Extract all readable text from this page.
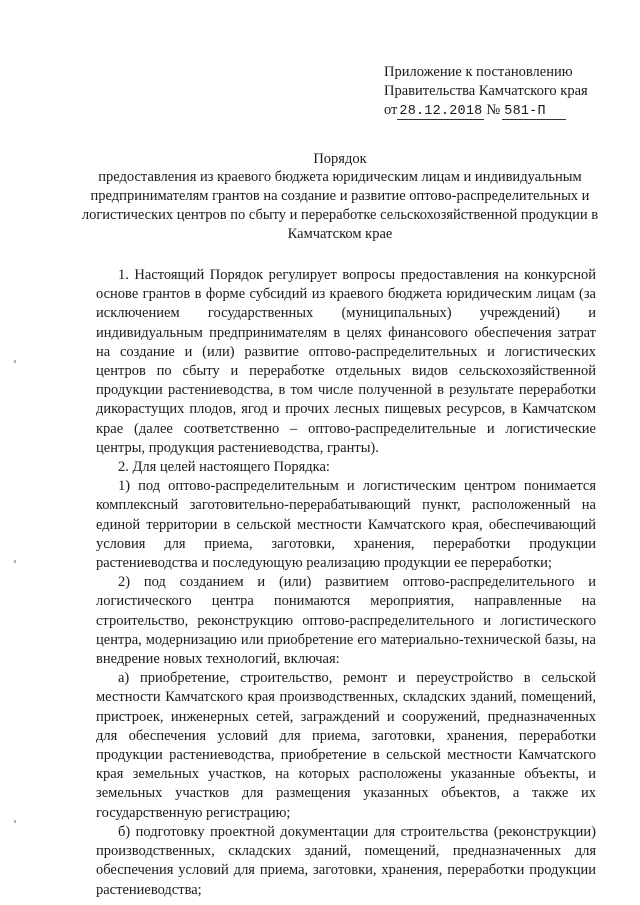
Приложение к постановлению
Правительства Камчатского края
от 28.12.2018 № 581-П
Порядок
предоставления из краевого бюджета юридическим лицам и индивидуальным предпринимателям грантов на создание и развитие оптово-распределительных и логистических центров по сбыту и переработке сельскохозяйственной продукции в Камчатском крае

1. Настоящий Порядок регулирует вопросы предоставления на конкурсной основе грантов в форме субсидий из краевого бюджета юридическим лицам (за исключением государственных (муниципальных) учреждений) и индивидуальным предпринимателям в целях финансового обеспечения затрат на создание и (или) развитие оптово-распределительных и логистических центров по сбыту и переработке отдельных видов сельскохозяйственной продукции растениеводства, в том числе полученной в результате переработки дикорастущих плодов, ягод и прочих лесных пищевых ресурсов, в Камчатском крае (далее соответственно – оптово-распределительные и логистические центры, продукция растениеводства, гранты).

2. Для целей настоящего Порядка:

1) под оптово-распределительным и логистическим центром понимается комплексный заготовительно-перерабатывающий пункт, расположенный на единой территории в сельской местности Камчатского края, обеспечивающий условия для приема, заготовки, хранения, переработки продукции растениеводства и последующую реализацию продукции ее переработки;

2) под созданием и (или) развитием оптово-распределительного и логистического центра понимаются мероприятия, направленные на строительство, реконструкцию оптово-распределительного и логистического центра, модернизацию или приобретение его материально-технической базы, на внедрение новых технологий, включая:

а) приобретение, строительство, ремонт и переустройство в сельской местности Камчатского края производственных, складских зданий, помещений, пристроек, инженерных сетей, заграждений и сооружений, предназначенных для обеспечения условий для приема, заготовки, хранения, переработки продукции растениеводства, приобретение в сельской местности Камчатского края земельных участков, на которых расположены указанные объекты, и земельных участков для размещения указанных объектов, а также их государственную регистрацию;

б) подготовку проектной документации для строительства (реконструкции) производственных, складских зданий, помещений, предназначенных для обеспечения условий для приема, заготовки, хранения, переработки продукции растениеводства;
